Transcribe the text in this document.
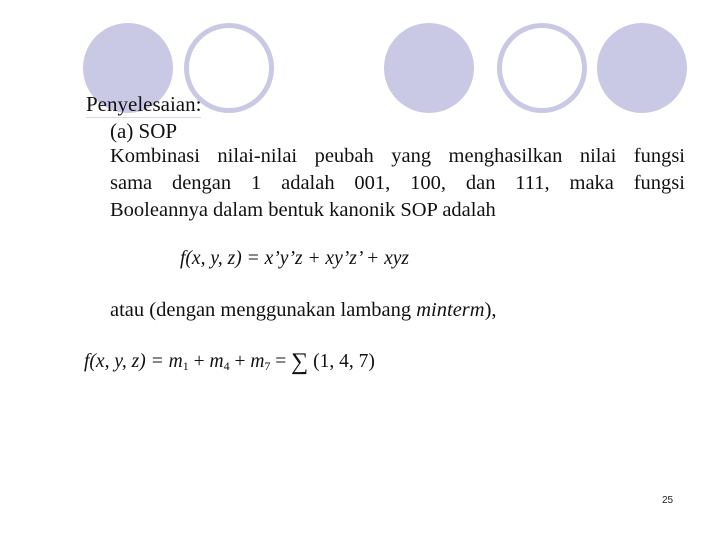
Penyelesaian:
(a) SOP
Kombinasi nilai-nilai peubah yang menghasilkan nilai fungsi
sama dengan 1 adalah 001, 100, dan 111, maka fungsi
Booleannya dalam bentuk kanonik SOP adalah
f(x, y, z) = x’y’z + xy’z’ + xyz
atau (dengan menggunakan lambang minterm),
f(x, y, $z) = m_1 + m_4 + m_7$ = ∑ (1, 4, 7)
25
